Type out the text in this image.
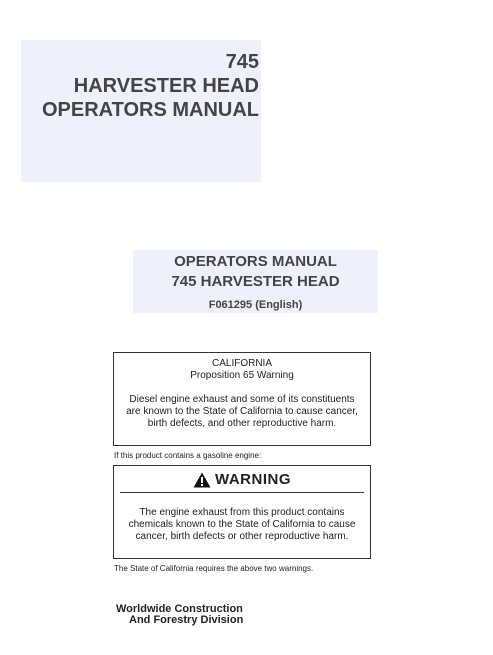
745
HARVESTER HEAD
OPERATORS MANUAL
OPERATORS MANUAL
745 HARVESTER HEAD
F061295 (English)
CALIFORNIA
Proposition 65 Warning
Diesel engine exhaust and some of its constituents are known to the State of California to cause cancer, birth defects, and other reproductive harm.
If this product contains a gasoline engine:
WARNING
The engine exhaust from this product contains chemicals known to the State of California to cause cancer, birth defects or other reproductive harm.
The State of California requires the above two warnings.
Worldwide Construction
And Forestry Division
